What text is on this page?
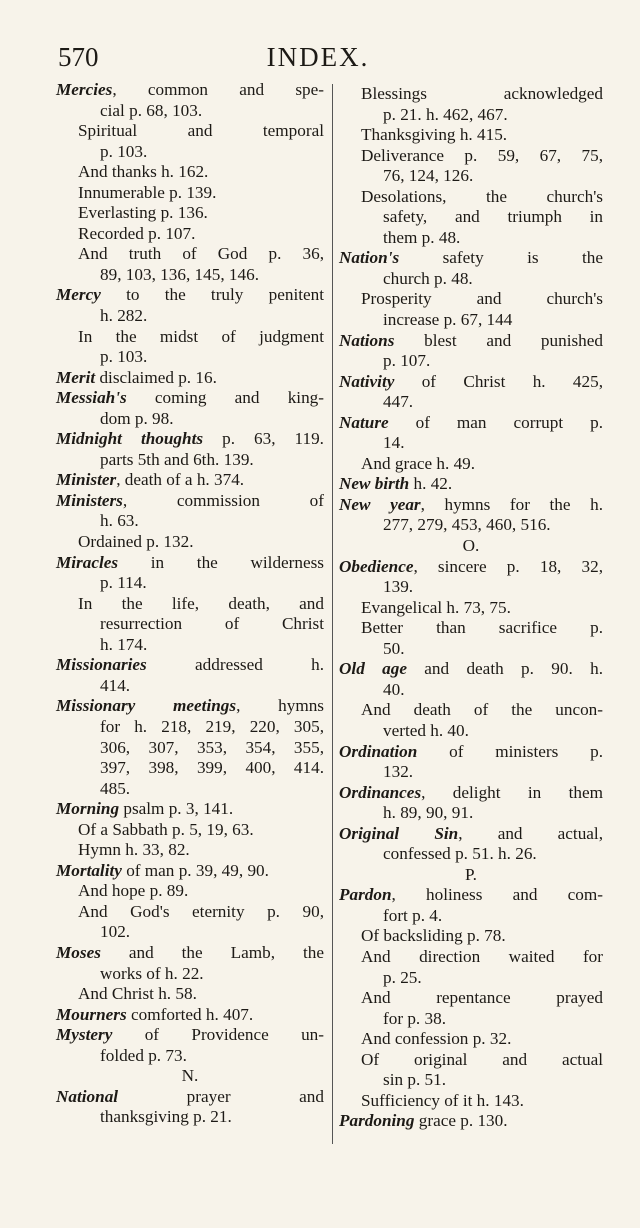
570	INDEX.
Mercies, common and spe-
cial p. 68, 103.
Spiritual and temporal
p. 103.
And thanks h. 162.
Innumerable p. 139.
Everlasting p. 136.
Recorded p. 107.
And truth of God p. 36,
89, 103, 136, 145, 146.
Mercy to the truly penitent
h. 282.
In the midst of judgment
p. 103.
Merit disclaimed p. 16.
Messiah's coming and king-
dom p. 98.
Midnight thoughts p. 63, 119.
parts 5th and 6th. 139.
Minister, death of a h. 374.
Ministers, commission of
h. 63.
Ordained p. 132.
Miracles in the wilderness
p. 114.
In the life, death, and
resurrection of Christ
h. 174.
Missionaries addressed h.
414.
Missionary meetings, hymns
for h. 218, 219, 220, 305,
306, 307, 353, 354, 355,
397, 398, 399, 400, 414.
485.
Morning psalm p. 3, 141.
Of a Sabbath p. 5, 19, 63.
Hymn h. 33, 82.
Mortality of man p. 39, 49, 90.
And hope p. 89.
And God's eternity p. 90,
102.
Moses and the Lamb, the
works of h. 22.
And Christ h. 58.
Mourners comforted h. 407.
Mystery of Providence un-
folded p. 73.
N.
National prayer and
thanksgiving p. 21.
Blessings acknowledged
p. 21. h. 462, 467.
Thanksgiving h. 415.
Deliverance p. 59, 67, 75,
76, 124, 126.
Desolations, the church's
safety, and triumph in
them p. 48.
Nation's safety is the
church p. 48.
Prosperity and church's
increase p. 67, 144
Nations blest and punished
p. 107.
Nativity of Christ h. 425,
447.
Nature of man corrupt p.
14.
And grace h. 49.
New birth h. 42.
New year, hymns for the h.
277, 279, 453, 460, 516.
O.
Obedience, sincere p. 18, 32,
139.
Evangelical h. 73, 75.
Better than sacrifice p.
50.
Old age and death p. 90. h.
40.
And death of the uncon-
verted h. 40.
Ordination of ministers p.
132.
Ordinances, delight in them
h. 89, 90, 91.
Original Sin, and actual,
confessed p. 51. h. 26.
P.
Pardon, holiness and com-
fort p. 4.
Of backsliding p. 78.
And direction waited for
p. 25.
And repentance prayed
for p. 38.
And confession p. 32.
Of original and actual
sin p. 51.
Sufficiency of it h. 143.
Pardoning grace p. 130.
